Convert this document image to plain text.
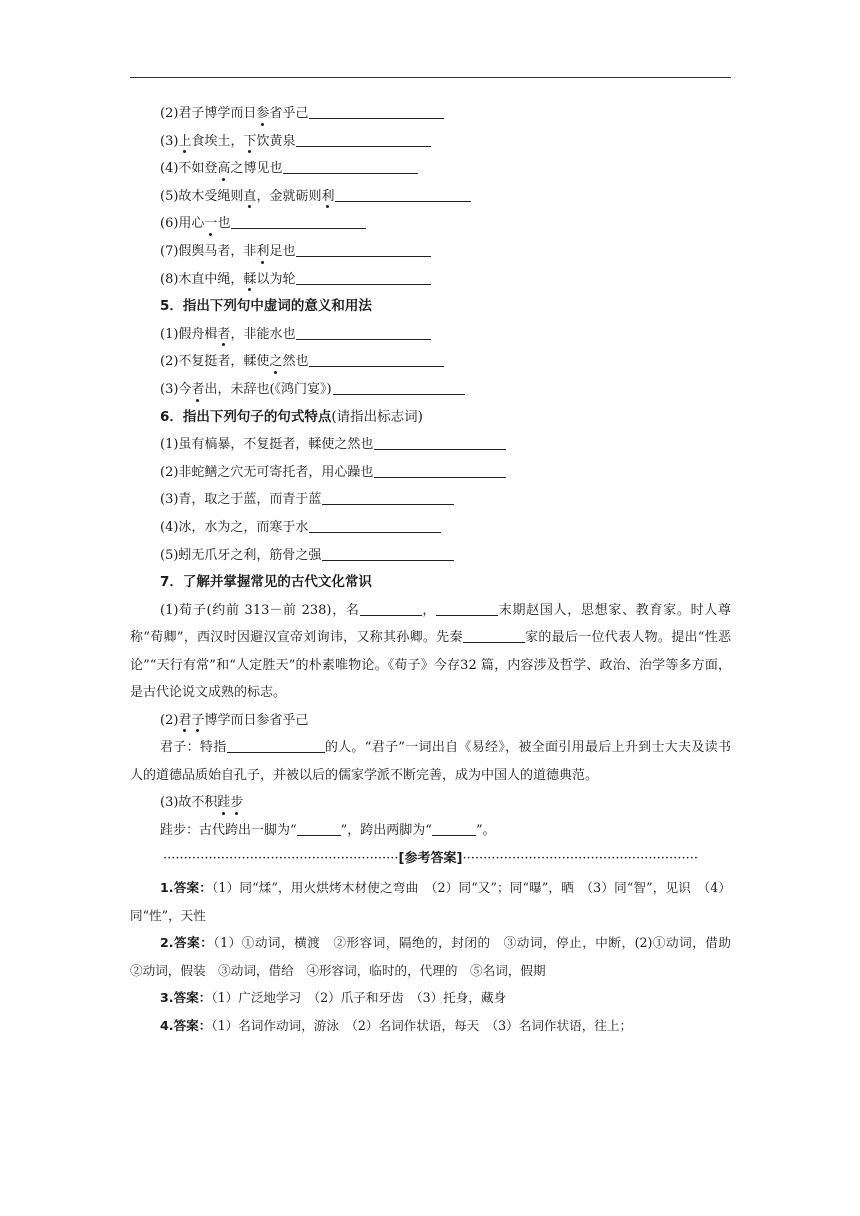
(2)君子博学而日参省乎己
(3)上食埃土，下饮黄泉
(4)不如登高之博见也
(5)故木受绳则直，金就砺则利
(6)用心一也
(7)假舆马者，非利足也
(8)木直中绳，輮以为轮
5．指出下列句中虚词的意义和用法
(1)假舟楫者，非能水也
(2)不复挺者，輮使之然也
(3)今者出，未辞也(《鸿门宴》)
6．指出下列句子的句式特点(请指出标志词)
(1)虽有槁暴，不复挺者，輮使之然也
(2)非蛇鳝之穴无可寄托者，用心躁也
(3)青，取之于蓝，而青于蓝
(4)冰，水为之，而寒于水
(5)蚓无爪牙之利，筋骨之强
7．了解并掌握常见的古代文化常识
(1)荀子(约前 313－前 238)，名	，	末期赵国人，思想家、教育家。时人尊称“荀卿”，西汉时因避汉宣帝刘询讳，又称其孙卿。先秦	家的最后一位代表人物。提出“性恶论”“天行有常”和“人定胜天”的朴素唯物论。《荀子》今存32 篇，内容涉及哲学、政治、治学等多方面，是古代论说文成熟的标志。
(2)君子博学而日参省乎己
君子：特指	的人。“君子”一词出自《易经》，被全面引用最后上升到士大夫及读书人的道德品质始自孔子，并被以后的儒家学派不断完善，成为中国人的道德典范。
(3)故不积跬步
跬步：古代跨出一脚为“	”，跨出两脚为“	”。
·························································[参考答案]·························································
1.答案：（1）同“煣”，用火烘烤木材使之弯曲　（2）同“又”；同“曝”，晒　（3）同“智”，见识　（4）同“性”，天性
2.答案：（1）①动词，横渡　②形容词，隔绝的，封闭的　③动词，停止，中断，(2)①动词，借助　②动词，假装　③动词，借给　④形容词，临时的，代理的　⑤名词，假期
3.答案：（1）广泛地学习　（2）爪子和牙齿　（3）托身，藏身
4.答案：（1）名词作动词，游泳　（2）名词作状语，每天　（3）名词作状语，往上；
